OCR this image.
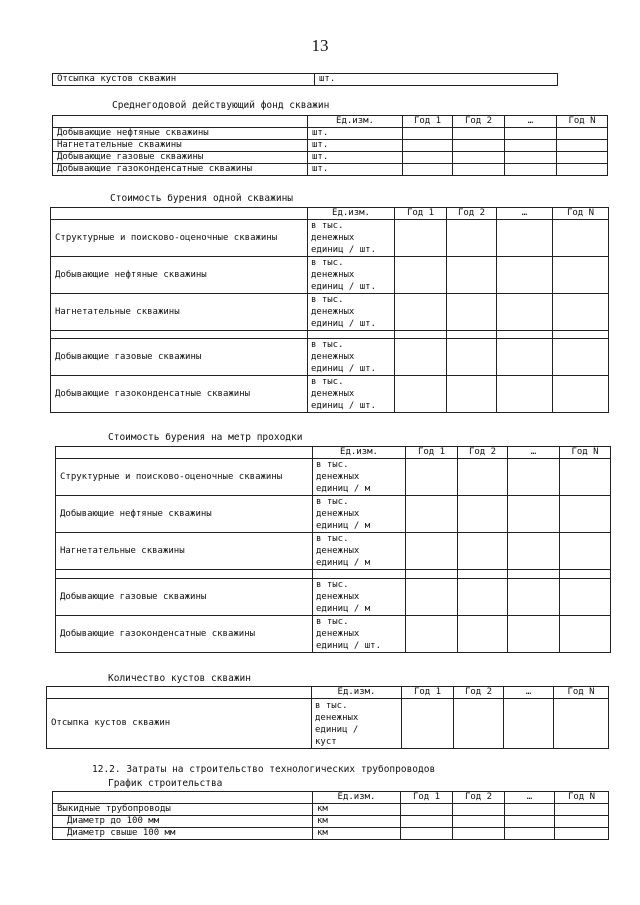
13
Отсыпка кустов скважин	шт.
Среднегодовой действующий фонд скважин
	Ед.изм.	Год 1	Год 2	…	Год N
Добывающие нефтяные скважины	шт.				
Нагнетательные скважины	шт.				
Добывающие газовые скважины	шт.				
Добывающие газоконденсатные скважины	шт.				
Стоимость бурения одной скважины
	Ед.изм.	Год 1	Год 2	…	Год N
Структурные и поисково-оценочные скважины	в тыс.
денежных
единиц / шт.				
Добывающие нефтяные скважины	в тыс.
денежных
единиц / шт.				
Нагнетательные скважины	в тыс.
денежных
единиц / шт.				

Добывающие газовые скважины	в тыс.
денежных
единиц / шт.				
Добывающие газоконденсатные скважины	в тыс.
денежных
единиц / шт.				
Стоимость бурения на метр проходки
	Ед.изм.	Год 1	Год 2	…	Год N
Структурные и поисково-оценочные скважины	в тыс.
денежных
единиц / м				
Добывающие нефтяные скважины	в тыс.
денежных
единиц / м				
Нагнетательные скважины	в тыс.
денежных
единиц / м				

Добывающие газовые скважины	в тыс.
денежных
единиц / м				
Добывающие газоконденсатные скважины	в тыс.
денежных
единиц / шт.				
Количество кустов скважин
	Ед.изм.	Год 1	Год 2	…	Год N
Отсыпка кустов скважин	в тыс.
денежных
единиц /
куст				
12.2. Затраты на строительство технологических трубопроводов
График строительства
	Ед.изм.	Год 1	Год 2	…	Год N
Выкидные трубопроводы	км				
Диаметр до 100 мм	км				
Диаметр свыше 100 мм	км				
